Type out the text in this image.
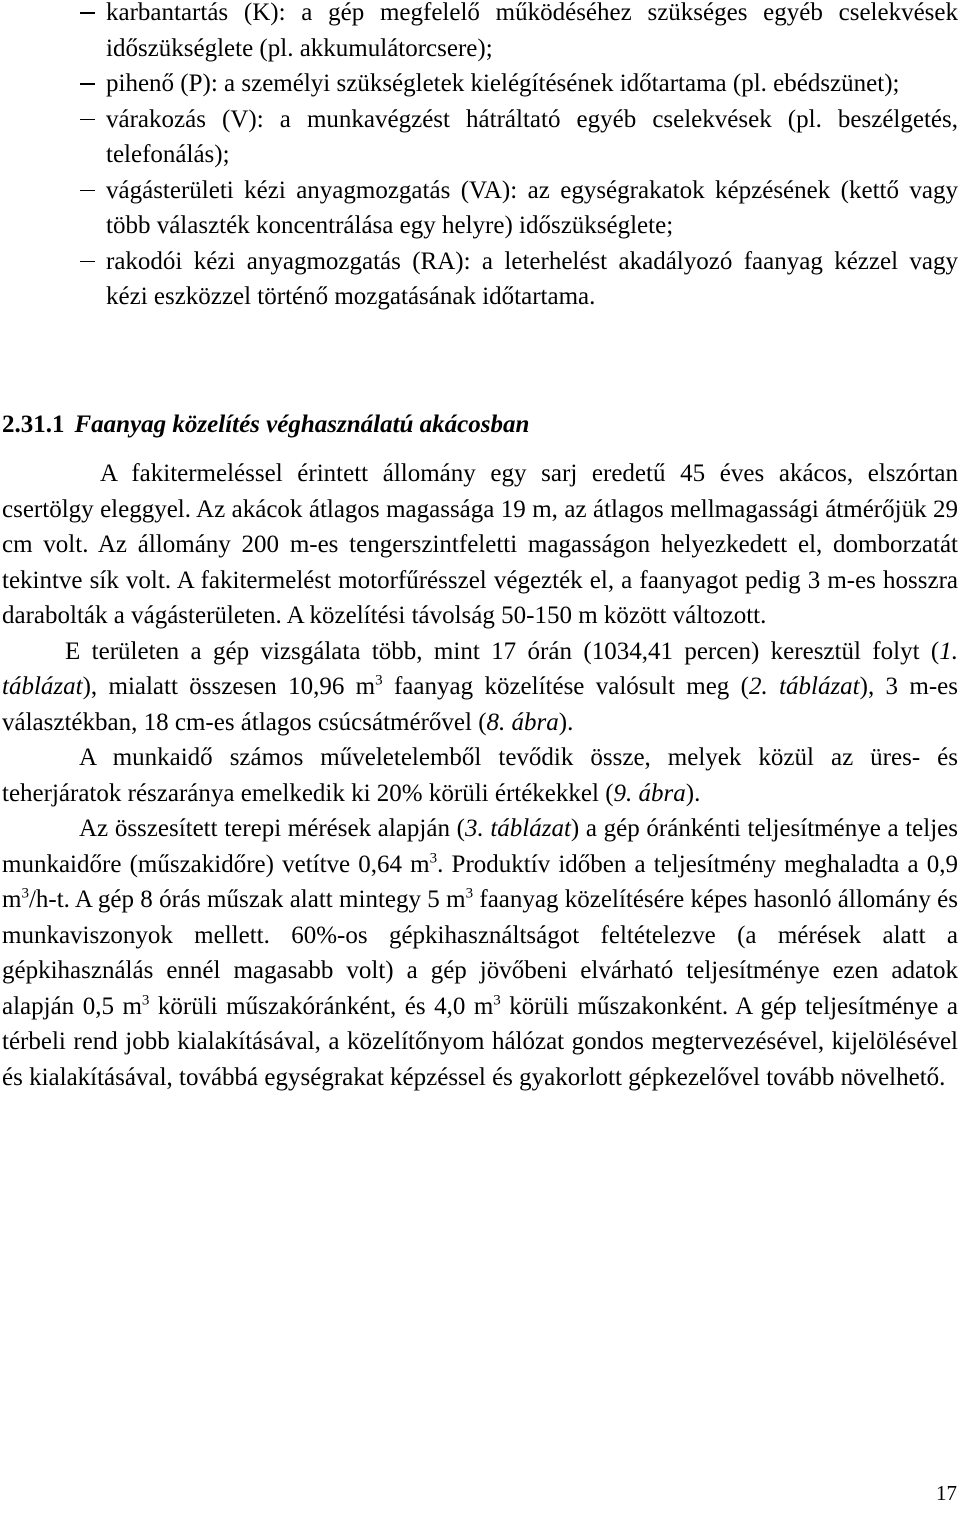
karbantartás (K): a gép megfelelő működéséhez szükséges egyéb cselekvések időszükséglete (pl. akkumulátorcsere);
pihenő (P): a személyi szükségletek kielégítésének időtartama (pl. ebédszünet);
várakozás (V): a munkavégzést hátráltató egyéb cselekvések (pl. beszélgetés, telefonálás);
vágásterületi kézi anyagmozgatás (VA): az egységrakatok képzésének (kettő vagy több választék koncentrálása egy helyre) időszükséglete;
rakodói kézi anyagmozgatás (RA): a leterhelést akadályozó faanyag kézzel vagy kézi eszközzel történő mozgatásának időtartama.
2.31.1 Faanyag közelítés véghasználatú akácosban

A fakitermeléssel érintett állomány egy sarj eredetű 45 éves akácos, elszórtan csertölgy eleggyel. Az akácok átlagos magassága 19 m, az átlagos mellmagassági átmérőjük 29 cm volt. Az állomány 200 m-es tengerszintfeletti magasságon helyezkedett el, domborzatát tekintve sík volt. A fakitermelést motorfűrésszel végezték el, a faanyagot pedig 3 m-es hosszra darabolták a vágásterületen. A közelítési távolság 50-150 m között változott.

E területen a gép vizsgálata több, mint 17 órán (1034,41 percen) keresztül folyt (1. táblázat), mialatt összesen 10,96 $m^3$ faanyag közelítése valósult meg (2. táblázat), 3 m-es választékban, 18 cm-es átlagos csúcsátmérővel (8. ábra).

A munkaidő számos műveletelemből tevődik össze, melyek közül az üres- és teherjáratok részaránya emelkedik ki 20% körüli értékekkel (9. ábra).

Az összesített terepi mérések alapján (3. táblázat) a gép óránkénti teljesítménye a teljes munkaidőre (műszakidőre) vetítve 0,64 $m^3$. Produktív időben a teljesítmény meghaladta a 0,9 $m^3/h-t$. A gép 8 órás műszak alatt mintegy 5 $m^3$ faanyag közelítésére képes hasonló állomány és munkaviszonyok mellett. 60%-os gépkihasználtságot feltételezve (a mérések alatt a gépkihasználás ennél magasabb volt) a gép jövőbeni elvárható teljesítménye ezen adatok alapján 0,5 $m^3$ körüli műszakóránként, és 4,0 $m^3$ körüli műszakonként. A gép teljesítménye a térbeli rend jobb kialakításával, a közelítőnyom hálózat gondos megtervezésével, kijelölésével és kialakításával, továbbá egységrakat képzéssel és gyakorlott gépkezelővel tovább növelhető.

17
